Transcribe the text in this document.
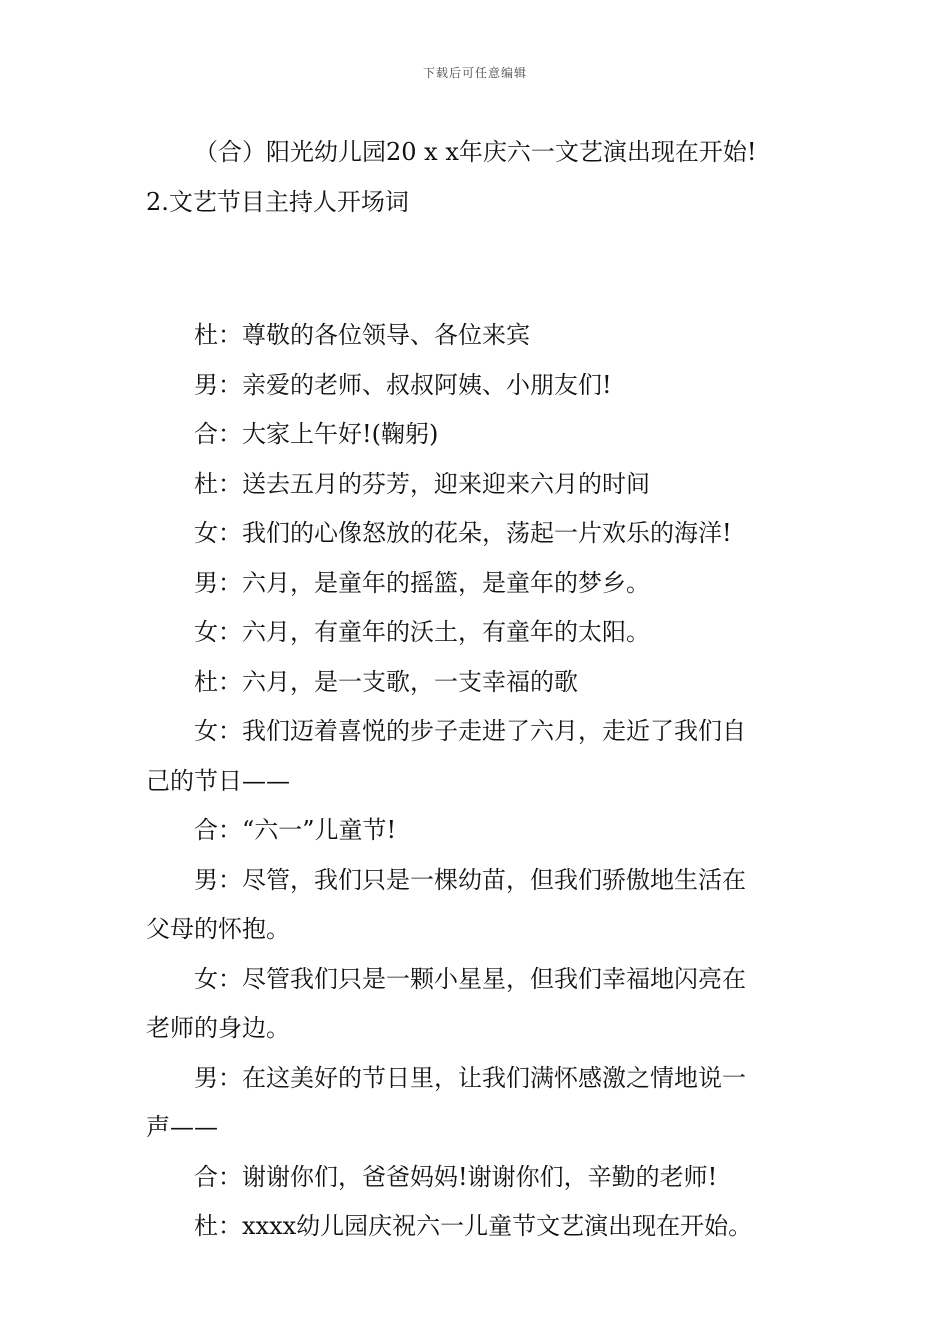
下载后可任意编辑

（合）阳光幼儿园20 x x年庆六一文艺演出现在开始!

2.文艺节目主持人开场词

杜：尊敬的各位领导、各位来宾

男：亲爱的老师、叔叔阿姨、小朋友们!

合：大家上午好!(鞠躬)

杜：送去五月的芬芳，迎来迎来六月的时间

女：我们的心像怒放的花朵，荡起一片欢乐的海洋!

男：六月，是童年的摇篮，是童年的梦乡。

女：六月，有童年的沃土，有童年的太阳。

杜：六月，是一支歌，一支幸福的歌

女：我们迈着喜悦的步子走进了六月，走近了我们自

己的节日——

合：“六一”儿童节!

男：尽管，我们只是一棵幼苗，但我们骄傲地生活在

父母的怀抱。

女：尽管我们只是一颗小星星，但我们幸福地闪亮在

老师的身边。

男：在这美好的节日里，让我们满怀感激之情地说一

声——

合：谢谢你们，爸爸妈妈!谢谢你们，辛勤的老师!

杜：xxxx幼儿园庆祝六一儿童节文艺演出现在开始。
